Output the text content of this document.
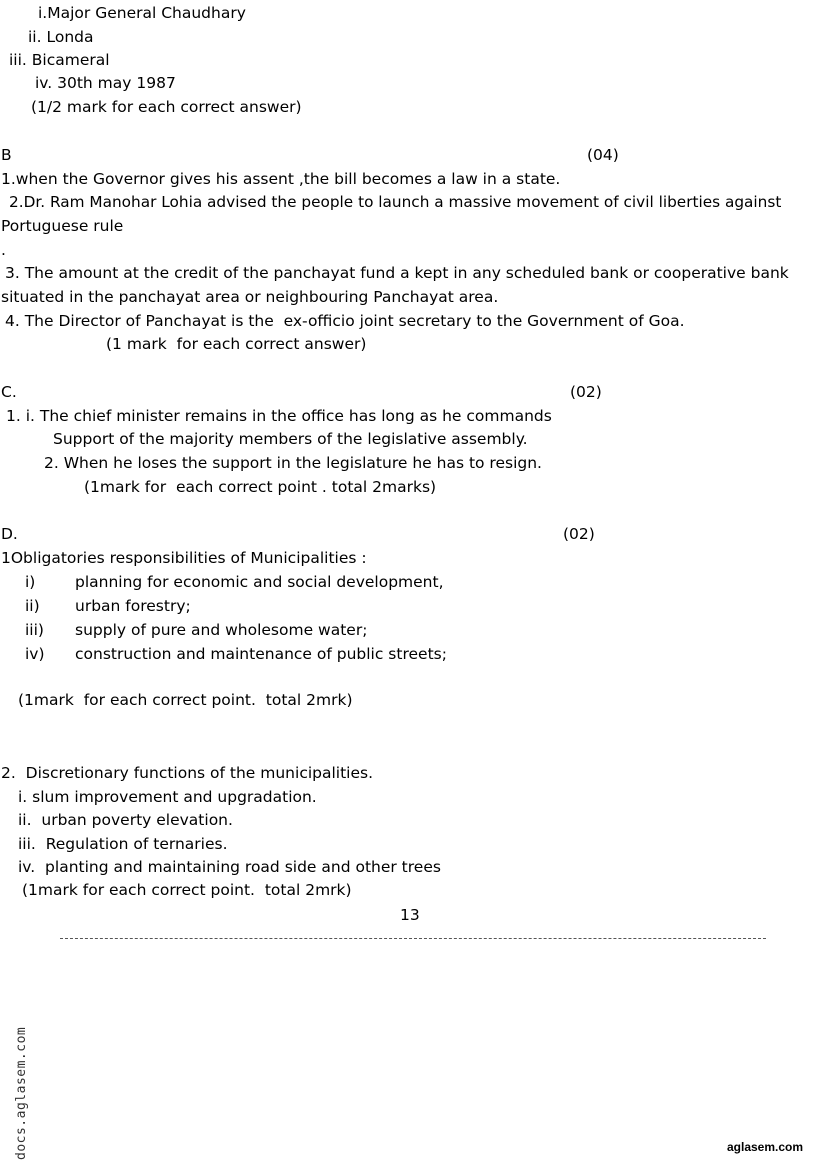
i.Major General Chaudhary
ii. Londa
iii. Bicameral
iv. 30th may 1987
(1/2 mark for each correct answer)
B	(04)
1.when the Governor gives his assent ,the bill becomes a law in a state.
2.Dr. Ram Manohar Lohia advised the people to launch a massive movement of civil liberties against
Portuguese rule
.
3. The amount at the credit of the panchayat fund a kept in any scheduled bank or cooperative bank
situated in the panchayat area or neighbouring Panchayat area.
4. The Director of Panchayat is the  ex-officio joint secretary to the Government of Goa.
(1 mark  for each correct answer)
C.	(02)
1. i. The chief minister remains in the office has long as he commands
Support of the majority members of the legislative assembly.
2. When he loses the support in the legislature he has to resign.
(1mark for  each correct point . total 2marks)
D.	(02)
1Obligatories responsibilities of Municipalities :
i)	planning for economic and social development,
ii) urban forestry;
iii) supply of pure and wholesome water;
iv) construction and maintenance of public streets;
(1mark  for each correct point.  total 2mrk)
2.  Discretionary functions of the municipalities.
i. slum improvement and upgradation.
ii.  urban poverty elevation.
iii.  Regulation of ternaries.
iv.  planting and maintaining road side and other trees
(1mark for each correct point.  total 2mrk)
13
docs.aglasem.com	aglasem.com
